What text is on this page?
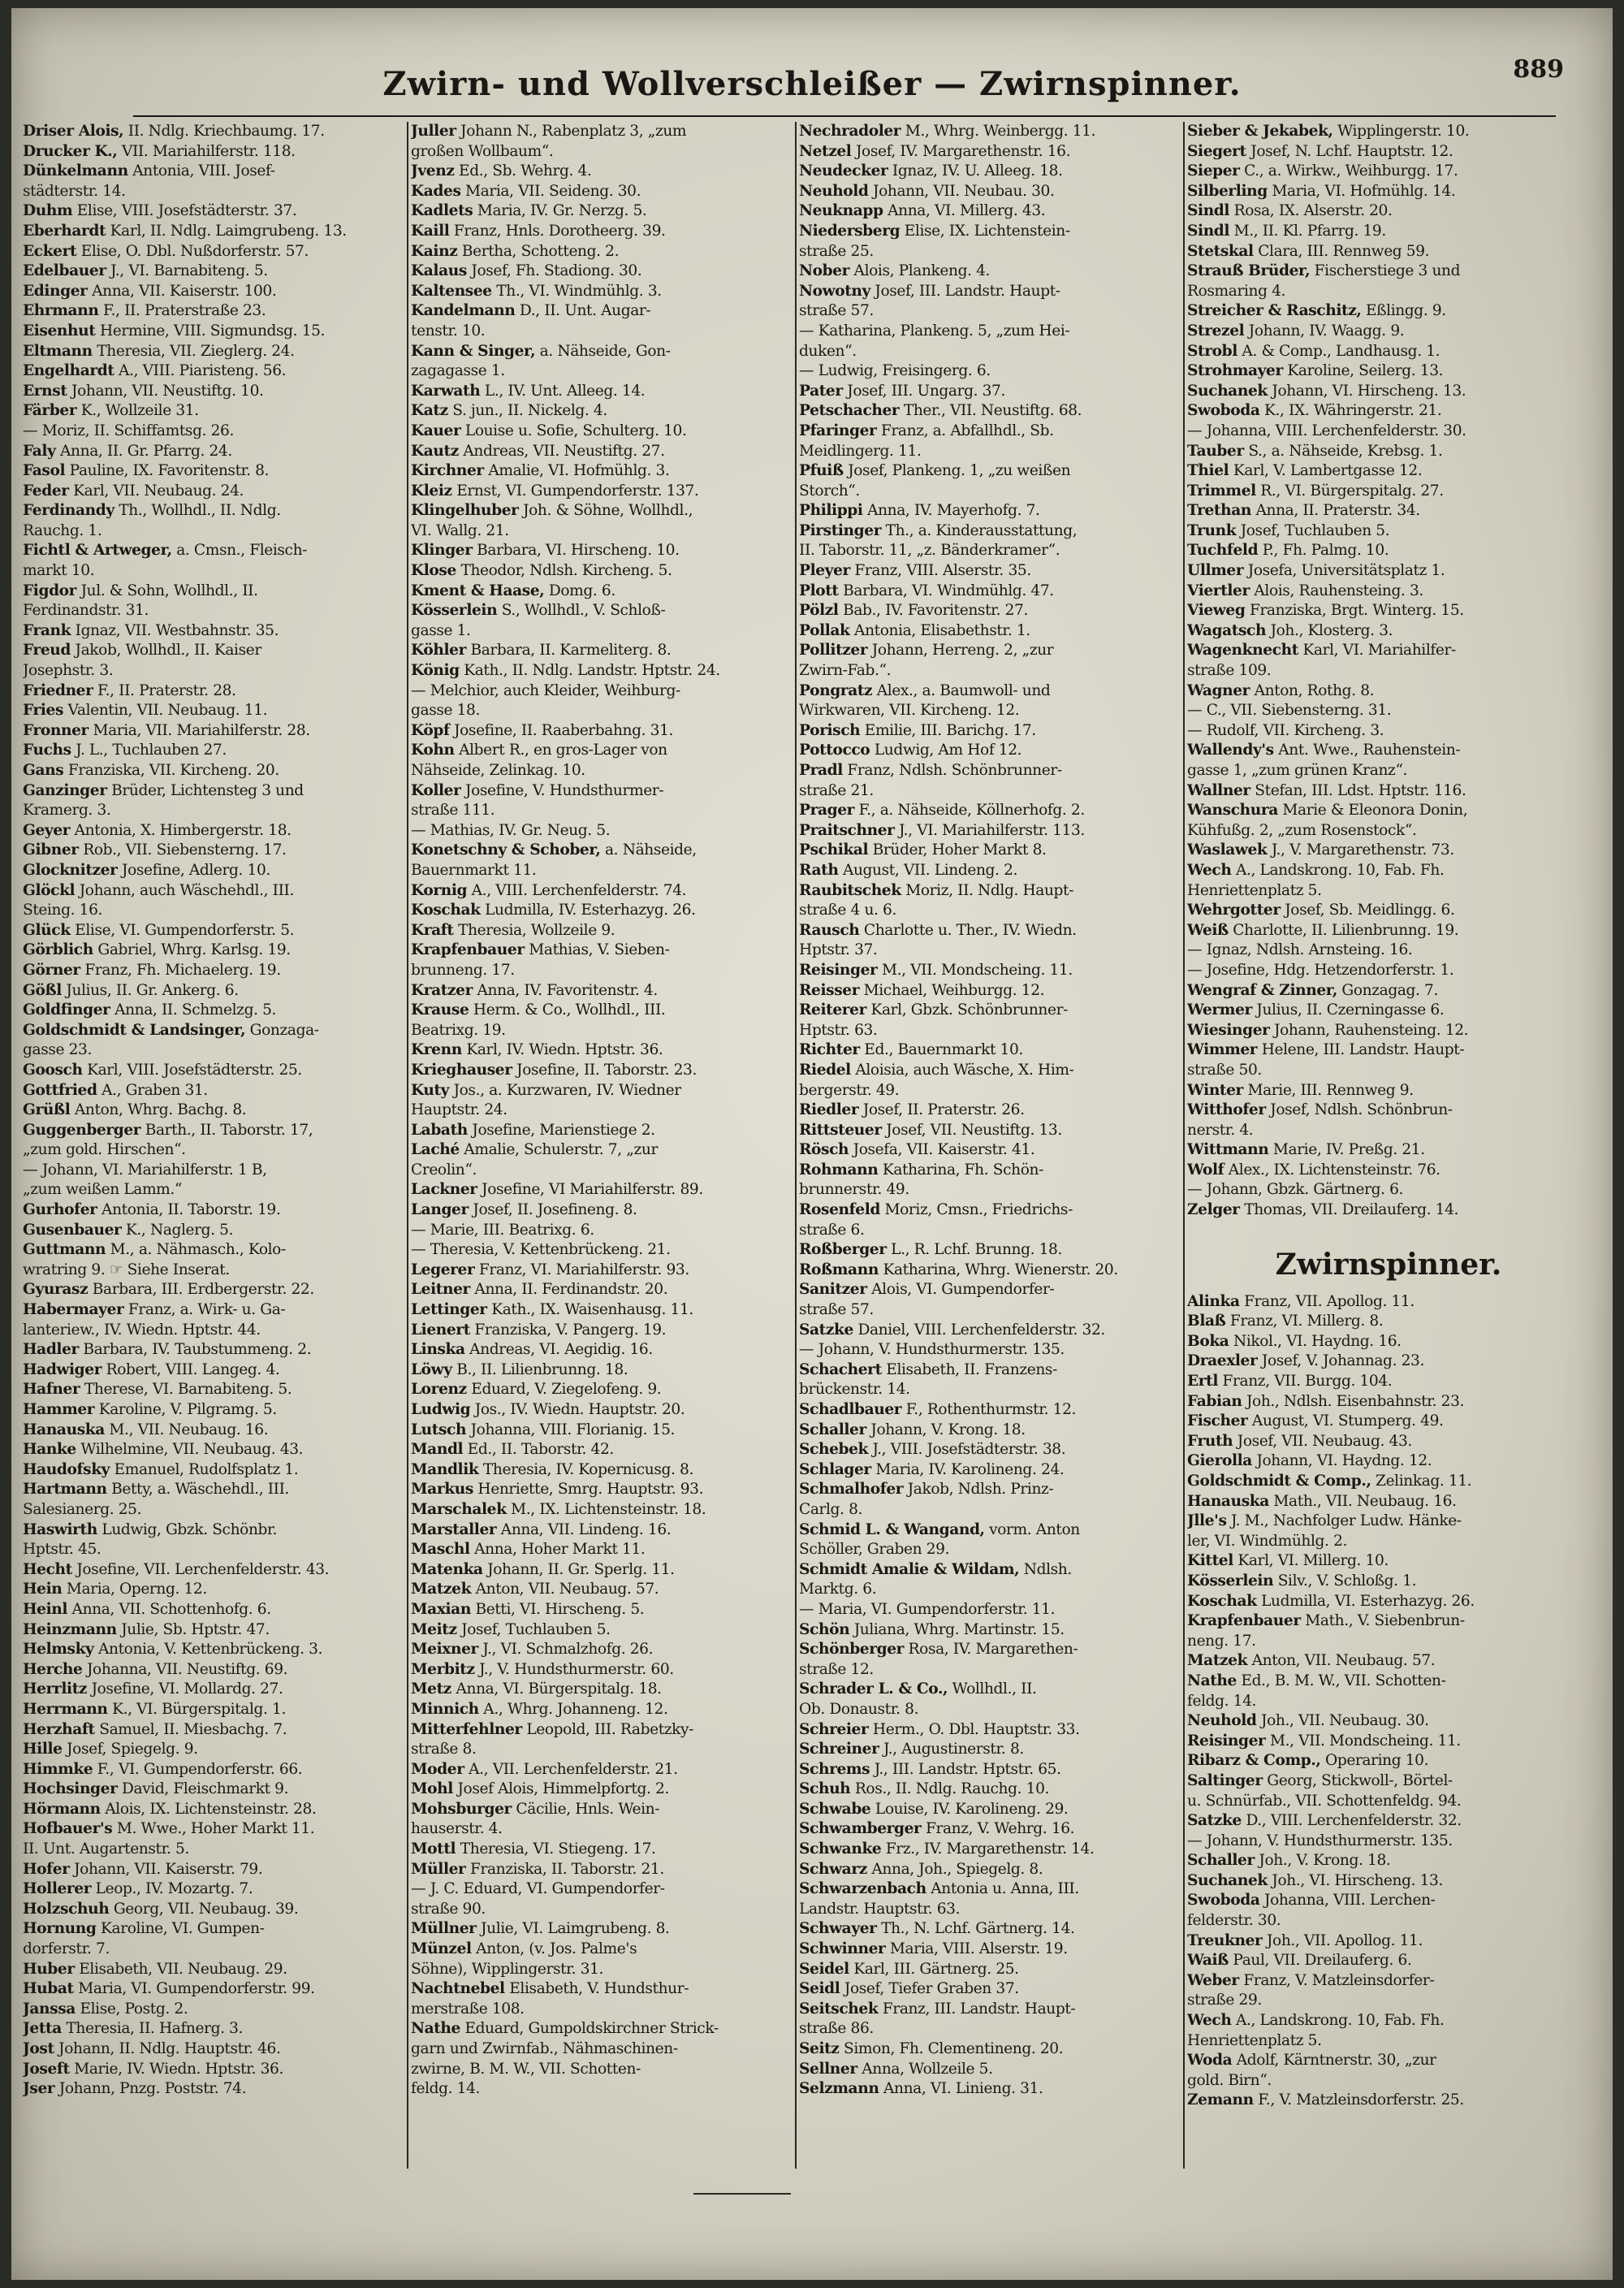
Zwirn- und Wollverschleißer — Zwirnspinner.	889
Driser Alois, II. Ndlg. Kriechbaumg. 17.
Drucker K., VII. Mariahilferstr. 118.
Dünkelmann Antonia, VIII. Josef-
städterstr. 14.
Duhm Elise, VIII. Josefstädterstr. 37.
Eberhardt Karl, II. Ndlg. Laimgrubeng. 13.
Eckert Elise, O. Dbl. Nußdorferstr. 57.
Edelbauer J., VI. Barnabiteng. 5.
Edinger Anna, VII. Kaiserstr. 100.
Ehrmann F., II. Praterstraße 23.
Eisenhut Hermine, VIII. Sigmundsg. 15.
Eltmann Theresia, VII. Zieglerg. 24.
Engelhardt A., VIII. Piaristeng. 56.
Ernst Johann, VII. Neustiftg. 10.
Färber K., Wollzeile 31.
— Moriz, II. Schiffamtsg. 26.
Faly Anna, II. Gr. Pfarrg. 24.
Fasol Pauline, IX. Favoritenstr. 8.
Feder Karl, VII. Neubaug. 24.
Ferdinandy Th., Wollhdl., II. Ndlg.
Rauchg. 1.
Fichtl & Artweger, a. Cmsn., Fleisch-
markt 10.
Figdor Jul. & Sohn, Wollhdl., II.
Ferdinandstr. 31.
Frank Ignaz, VII. Westbahnstr. 35.
Freud Jakob, Wollhdl., II. Kaiser
Josephstr. 3.
Friedner F., II. Praterstr. 28.
Fries Valentin, VII. Neubaug. 11.
Fronner Maria, VII. Mariahilferstr. 28.
Fuchs J. L., Tuchlauben 27.
Gans Franziska, VII. Kircheng. 20.
Ganzinger Brüder, Lichtensteg 3 und
Kramerg. 3.
Geyer Antonia, X. Himbergerstr. 18.
Gibner Rob., VII. Siebensterng. 17.
Glocknitzer Josefine, Adlerg. 10.
Glöckl Johann, auch Wäschehdl., III.
Steing. 16.
Glück Elise, VI. Gumpendorferstr. 5.
Görblich Gabriel, Whrg. Karlsg. 19.
Görner Franz, Fh. Michaelerg. 19.
Gößl Julius, II. Gr. Ankerg. 6.
Goldfinger Anna, II. Schmelzg. 5.
Goldschmidt & Landsinger, Gonzaga-
gasse 23.
Goosch Karl, VIII. Josefstädterstr. 25.
Gottfried A., Graben 31.
Grüßl Anton, Whrg. Bachg. 8.
Guggenberger Barth., II. Taborstr. 17,
„zum gold. Hirschen“.
— Johann, VI. Mariahilferstr. 1 B,
„zum weißen Lamm.“
Gurhofer Antonia, II. Taborstr. 19.
Gusenbauer K., Naglerg. 5.
Guttmann M., a. Nähmasch., Kolo-
wratring 9. ☞ Siehe Inserat.
Gyurasz Barbara, III. Erdbergerstr. 22.
Habermayer Franz, a. Wirk- u. Ga-
lanteriew., IV. Wiedn. Hptstr. 44.
Hadler Barbara, IV. Taubstummeng. 2.
Hadwiger Robert, VIII. Langeg. 4.
Hafner Therese, VI. Barnabiteng. 5.
Hammer Karoline, V. Pilgramg. 5.
Hanauska M., VII. Neubaug. 16.
Hanke Wilhelmine, VII. Neubaug. 43.
Haudofsky Emanuel, Rudolfsplatz 1.
Hartmann Betty, a. Wäschehdl., III.
Salesianerg. 25.
Haswirth Ludwig, Gbzk. Schönbr.
Hptstr. 45.
Hecht Josefine, VII. Lerchenfelderstr. 43.
Hein Maria, Operng. 12.
Heinl Anna, VII. Schottenhofg. 6.
Heinzmann Julie, Sb. Hptstr. 47.
Helmsky Antonia, V. Kettenbrückeng. 3.
Herche Johanna, VII. Neustiftg. 69.
Herrlitz Josefine, VI. Mollardg. 27.
Herrmann K., VI. Bürgerspitalg. 1.
Herzhaft Samuel, II. Miesbachg. 7.
Hille Josef, Spiegelg. 9.
Himmke F., VI. Gumpendorferstr. 66.
Hochsinger David, Fleischmarkt 9.
Hörmann Alois, IX. Lichtensteinstr. 28.
Hofbauer's M. Wwe., Hoher Markt 11.
II. Unt. Augartenstr. 5.
Hofer Johann, VII. Kaiserstr. 79.
Hollerer Leop., IV. Mozartg. 7.
Holzschuh Georg, VII. Neubaug. 39.
Hornung Karoline, VI. Gumpen-
dorferstr. 7.
Huber Elisabeth, VII. Neubaug. 29.
Hubat Maria, VI. Gumpendorferstr. 99.
Janssa Elise, Postg. 2.
Jetta Theresia, II. Hafnerg. 3.
Jost Johann, II. Ndlg. Hauptstr. 46.
Joseft Marie, IV. Wiedn. Hptstr. 36.
Jser Johann, Pnzg. Poststr. 74.
Juller Johann N., Rabenplatz 3, „zum
großen Wollbaum“.
Jvenz Ed., Sb. Wehrg. 4.
Kades Maria, VII. Seideng. 30.
Kadlets Maria, IV. Gr. Nerzg. 5.
Kaill Franz, Hnls. Dorotheerg. 39.
Kainz Bertha, Schotteng. 2.
Kalaus Josef, Fh. Stadiong. 30.
Kaltensee Th., VI. Windmühlg. 3.
Kandelmann D., II. Unt. Augar-
tenstr. 10.
Kann & Singer, a. Nähseide, Gon-
zagagasse 1.
Karwath L., IV. Unt. Alleeg. 14.
Katz S. jun., II. Nickelg. 4.
Kauer Louise u. Sofie, Schulterg. 10.
Kautz Andreas, VII. Neustiftg. 27.
Kirchner Amalie, VI. Hofmühlg. 3.
Kleiz Ernst, VI. Gumpendorferstr. 137.
Klingelhuber Joh. & Söhne, Wollhdl.,
VI. Wallg. 21.
Klinger Barbara, VI. Hirscheng. 10.
Klose Theodor, Ndlsh. Kircheng. 5.
Kment & Haase, Domg. 6.
Kösserlein S., Wollhdl., V. Schloß-
gasse 1.
Köhler Barbara, II. Karmeliterg. 8.
König Kath., II. Ndlg. Landstr. Hptstr. 24.
— Melchior, auch Kleider, Weihburg-
gasse 18.
Köpf Josefine, II. Raaberbahng. 31.
Kohn Albert R., en gros-Lager von
Nähseide, Zelinkag. 10.
Koller Josefine, V. Hundsthurmer-
straße 111.
— Mathias, IV. Gr. Neug. 5.
Konetschny & Schober, a. Nähseide,
Bauernmarkt 11.
Kornig A., VIII. Lerchenfelderstr. 74.
Koschak Ludmilla, IV. Esterhazyg. 26.
Kraft Theresia, Wollzeile 9.
Krapfenbauer Mathias, V. Sieben-
brunneng. 17.
Kratzer Anna, IV. Favoritenstr. 4.
Krause Herm. & Co., Wollhdl., III.
Beatrixg. 19.
Krenn Karl, IV. Wiedn. Hptstr. 36.
Krieghauser Josefine, II. Taborstr. 23.
Kuty Jos., a. Kurzwaren, IV. Wiedner
Hauptstr. 24.
Labath Josefine, Marienstiege 2.
Laché Amalie, Schulerstr. 7, „zur
Creolin“.
Lackner Josefine, VI Mariahilferstr. 89.
Langer Josef, II. Josefineng. 8.
— Marie, III. Beatrixg. 6.
— Theresia, V. Kettenbrückeng. 21.
Legerer Franz, VI. Mariahilferstr. 93.
Leitner Anna, II. Ferdinandstr. 20.
Lettinger Kath., IX. Waisenhausg. 11.
Lienert Franziska, V. Pangerg. 19.
Linska Andreas, VI. Aegidig. 16.
Löwy B., II. Lilienbrunng. 18.
Lorenz Eduard, V. Ziegelofeng. 9.
Ludwig Jos., IV. Wiedn. Hauptstr. 20.
Lutsch Johanna, VIII. Florianig. 15.
Mandl Ed., II. Taborstr. 42.
Mandlik Theresia, IV. Kopernicusg. 8.
Markus Henriette, Smrg. Hauptstr. 93.
Marschalek M., IX. Lichtensteinstr. 18.
Marstaller Anna, VII. Lindeng. 16.
Maschl Anna, Hoher Markt 11.
Matenka Johann, II. Gr. Sperlg. 11.
Matzek Anton, VII. Neubaug. 57.
Maxian Betti, VI. Hirscheng. 5.
Meitz Josef, Tuchlauben 5.
Meixner J., VI. Schmalzhofg. 26.
Merbitz J., V. Hundsthurmerstr. 60.
Metz Anna, VI. Bürgerspitalg. 18.
Minnich A., Whrg. Johanneng. 12.
Mitterfehlner Leopold, III. Rabetzky-
straße 8.
Moder A., VII. Lerchenfelderstr. 21.
Mohl Josef Alois, Himmelpfortg. 2.
Mohsburger Cäcilie, Hnls. Wein-
hauserstr. 4.
Mottl Theresia, VI. Stiegeng. 17.
Müller Franziska, II. Taborstr. 21.
— J. C. Eduard, VI. Gumpendorfer-
straße 90.
Müllner Julie, VI. Laimgrubeng. 8.
Münzel Anton, (v. Jos. Palme's
Söhne), Wipplingerstr. 31.
Nachtnebel Elisabeth, V. Hundsthur-
merstraße 108.
Nathe Eduard, Gumpoldskirchner Strick-
garn und Zwirnfab., Nähmaschinen-
zwirne, B. M. W., VII. Schotten-
feldg. 14.
Nechradoler M., Whrg. Weinbergg. 11.
Netzel Josef, IV. Margarethenstr. 16.
Neudecker Ignaz, IV. U. Alleeg. 18.
Neuhold Johann, VII. Neubau. 30.
Neuknapp Anna, VI. Millerg. 43.
Niedersberg Elise, IX. Lichtenstein-
straße 25.
Nober Alois, Plankeng. 4.
Nowotny Josef, III. Landstr. Haupt-
straße 57.
— Katharina, Plankeng. 5, „zum Hei-
duken“.
— Ludwig, Freisingerg. 6.
Pater Josef, III. Ungarg. 37.
Petschacher Ther., VII. Neustiftg. 68.
Pfaringer Franz, a. Abfallhdl., Sb.
Meidlingerg. 11.
Pfuiß Josef, Plankeng. 1, „zu weißen
Storch“.
Philippi Anna, IV. Mayerhofg. 7.
Pirstinger Th., a. Kinderausstattung,
II. Taborstr. 11, „z. Bänderkramer“.
Pleyer Franz, VIII. Alserstr. 35.
Plott Barbara, VI. Windmühlg. 47.
Pölzl Bab., IV. Favoritenstr. 27.
Pollak Antonia, Elisabethstr. 1.
Pollitzer Johann, Herreng. 2, „zur
Zwirn-Fab.“.
Pongratz Alex., a. Baumwoll- und
Wirkwaren, VII. Kircheng. 12.
Porisch Emilie, III. Barichg. 17.
Pottocco Ludwig, Am Hof 12.
Pradl Franz, Ndlsh. Schönbrunner-
straße 21.
Prager F., a. Nähseide, Köllnerhofg. 2.
Praitschner J., VI. Mariahilferstr. 113.
Pschikal Brüder, Hoher Markt 8.
Rath August, VII. Lindeng. 2.
Raubitschek Moriz, II. Ndlg. Haupt-
straße 4 u. 6.
Rausch Charlotte u. Ther., IV. Wiedn.
Hptstr. 37.
Reisinger M., VII. Mondscheing. 11.
Reisser Michael, Weihburgg. 12.
Reiterer Karl, Gbzk. Schönbrunner-
Hptstr. 63.
Richter Ed., Bauernmarkt 10.
Riedel Aloisia, auch Wäsche, X. Him-
bergerstr. 49.
Riedler Josef, II. Praterstr. 26.
Rittsteuer Josef, VII. Neustiftg. 13.
Rösch Josefa, VII. Kaiserstr. 41.
Rohmann Katharina, Fh. Schön-
brunnerstr. 49.
Rosenfeld Moriz, Cmsn., Friedrichs-
straße 6.
Roßberger L., R. Lchf. Brunng. 18.
Roßmann Katharina, Whrg. Wienerstr. 20.
Sanitzer Alois, VI. Gumpendorfer-
straße 57.
Satzke Daniel, VIII. Lerchenfelderstr. 32.
— Johann, V. Hundsthurmerstr. 135.
Schachert Elisabeth, II. Franzens-
brückenstr. 14.
Schadlbauer F., Rothenthurmstr. 12.
Schaller Johann, V. Krong. 18.
Schebek J., VIII. Josefstädterstr. 38.
Schlager Maria, IV. Karolineng. 24.
Schmalhofer Jakob, Ndlsh. Prinz-
Carlg. 8.
Schmid L. & Wangand, vorm. Anton
Schöller, Graben 29.
Schmidt Amalie & Wildam, Ndlsh.
Marktg. 6.
— Maria, VI. Gumpendorferstr. 11.
Schön Juliana, Whrg. Martinstr. 15.
Schönberger Rosa, IV. Margarethen-
straße 12.
Schrader L. & Co., Wollhdl., II.
Ob. Donaustr. 8.
Schreier Herm., O. Dbl. Hauptstr. 33.
Schreiner J., Augustinerstr. 8.
Schrems J., III. Landstr. Hptstr. 65.
Schuh Ros., II. Ndlg. Rauchg. 10.
Schwabe Louise, IV. Karolineng. 29.
Schwamberger Franz, V. Wehrg. 16.
Schwanke Frz., IV. Margarethenstr. 14.
Schwarz Anna, Joh., Spiegelg. 8.
Schwarzenbach Antonia u. Anna, III.
Landstr. Hauptstr. 63.
Schwayer Th., N. Lchf. Gärtnerg. 14.
Schwinner Maria, VIII. Alserstr. 19.
Seidel Karl, III. Gärtnerg. 25.
Seidl Josef, Tiefer Graben 37.
Seitschek Franz, III. Landstr. Haupt-
straße 86.
Seitz Simon, Fh. Clementineng. 20.
Sellner Anna, Wollzeile 5.
Selzmann Anna, VI. Linieng. 31.
Sieber & Jekabek, Wipplingerstr. 10.
Siegert Josef, N. Lchf. Hauptstr. 12.
Sieper C., a. Wirkw., Weihburgg. 17.
Silberling Maria, VI. Hofmühlg. 14.
Sindl Rosa, IX. Alserstr. 20.
Sindl M., II. Kl. Pfarrg. 19.
Stetskal Clara, III. Rennweg 59.
Strauß Brüder, Fischerstiege 3 und
Rosmaring 4.
Streicher & Raschitz, Eßlingg. 9.
Strezel Johann, IV. Waagg. 9.
Strobl A. & Comp., Landhausg. 1.
Strohmayer Karoline, Seilerg. 13.
Suchanek Johann, VI. Hirscheng. 13.
Swoboda K., IX. Währingerstr. 21.
— Johanna, VIII. Lerchenfelderstr. 30.
Tauber S., a. Nähseide, Krebsg. 1.
Thiel Karl, V. Lambertgasse 12.
Trimmel R., VI. Bürgerspitalg. 27.
Trethan Anna, II. Praterstr. 34.
Trunk Josef, Tuchlauben 5.
Tuchfeld P., Fh. Palmg. 10.
Ullmer Josefa, Universitätsplatz 1.
Viertler Alois, Rauhensteing. 3.
Vieweg Franziska, Brgt. Winterg. 15.
Wagatsch Joh., Klosterg. 3.
Wagenknecht Karl, VI. Mariahilfer-
straße 109.
Wagner Anton, Rothg. 8.
— C., VII. Siebensterng. 31.
— Rudolf, VII. Kircheng. 3.
Wallendy's Ant. Wwe., Rauhenstein-
gasse 1, „zum grünen Kranz“.
Wallner Stefan, III. Ldst. Hptstr. 116.
Wanschura Marie & Eleonora Donin,
Kühfußg. 2, „zum Rosenstock“.
Waslawek J., V. Margarethenstr. 73.
Wech A., Landskrong. 10, Fab. Fh.
Henriettenplatz 5.
Wehrgotter Josef, Sb. Meidlingg. 6.
Weiß Charlotte, II. Lilienbrunng. 19.
— Ignaz, Ndlsh. Arnsteing. 16.
— Josefine, Hdg. Hetzendorferstr. 1.
Wengraf & Zinner, Gonzagag. 7.
Wermer Julius, II. Czerningasse 6.
Wiesinger Johann, Rauhensteing. 12.
Wimmer Helene, III. Landstr. Haupt-
straße 50.
Winter Marie, III. Rennweg 9.
Witthofer Josef, Ndlsh. Schönbrun-
nerstr. 4.
Wittmann Marie, IV. Preßg. 21.
Wolf Alex., IX. Lichtensteinstr. 76.
— Johann, Gbzk. Gärtnerg. 6.
Zelger Thomas, VII. Dreilauferg. 14.
Zwirnspinner.
Alinka Franz, VII. Apollog. 11.
Blaß Franz, VI. Millerg. 8.
Boka Nikol., VI. Haydng. 16.
Draexler Josef, V. Johannag. 23.
Ertl Franz, VII. Burgg. 104.
Fabian Joh., Ndlsh. Eisenbahnstr. 23.
Fischer August, VI. Stumperg. 49.
Fruth Josef, VII. Neubaug. 43.
Gierolla Johann, VI. Haydng. 12.
Goldschmidt & Comp., Zelinkag. 11.
Hanauska Math., VII. Neubaug. 16.
Jlle's J. M., Nachfolger Ludw. Hänke-
ler, VI. Windmühlg. 2.
Kittel Karl, VI. Millerg. 10.
Kösserlein Silv., V. Schloßg. 1.
Koschak Ludmilla, VI. Esterhazyg. 26.
Krapfenbauer Math., V. Siebenbrun-
neng. 17.
Matzek Anton, VII. Neubaug. 57.
Nathe Ed., B. M. W., VII. Schotten-
feldg. 14.
Neuhold Joh., VII. Neubaug. 30.
Reisinger M., VII. Mondscheing. 11.
Ribarz & Comp., Operaring 10.
Saltinger Georg, Stickwoll-, Börtel-
u. Schnürfab., VII. Schottenfeldg. 94.
Satzke D., VIII. Lerchenfelderstr. 32.
— Johann, V. Hundsthurmerstr. 135.
Schaller Joh., V. Krong. 18.
Suchanek Joh., VI. Hirscheng. 13.
Swoboda Johanna, VIII. Lerchen-
felderstr. 30.
Treukner Joh., VII. Apollog. 11.
Waiß Paul, VII. Dreilauferg. 6.
Weber Franz, V. Matzleinsdorfer-
straße 29.
Wech A., Landskrong. 10, Fab. Fh.
Henriettenplatz 5.
Woda Adolf, Kärntnerstr. 30, „zur
gold. Birn“.
Zemann F., V. Matzleinsdorferstr. 25.
